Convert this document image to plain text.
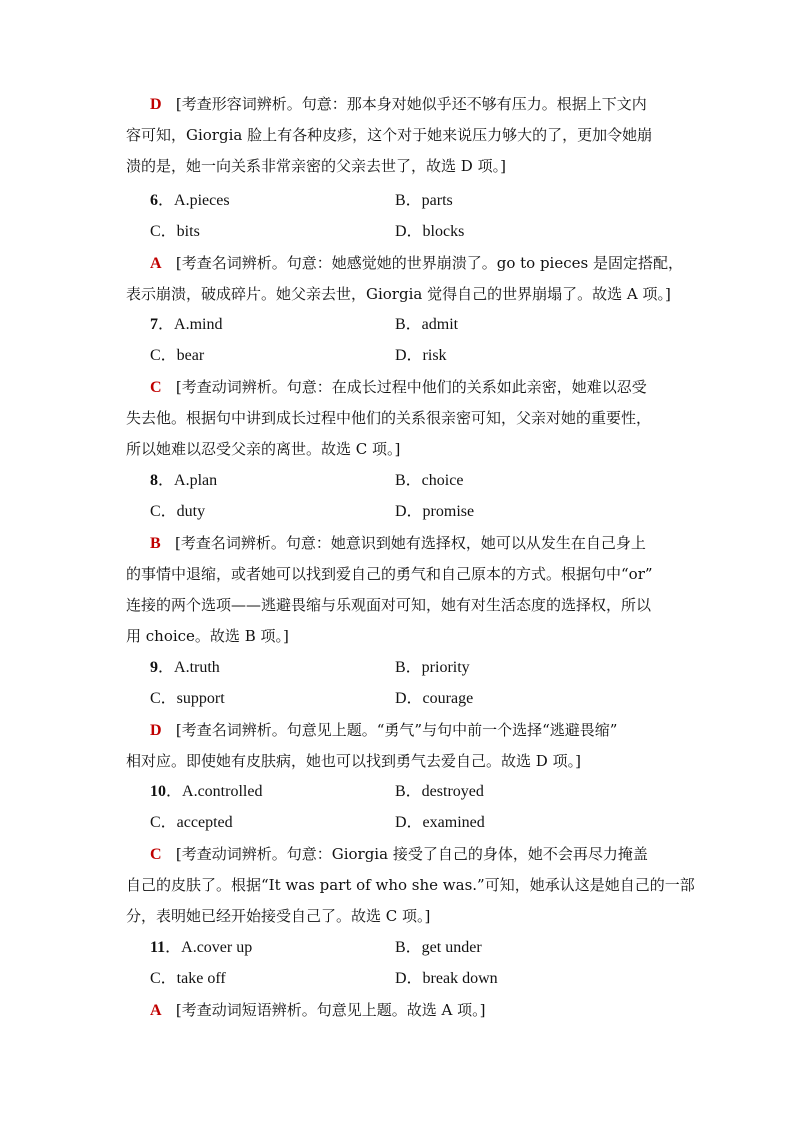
D [考查形容词辨析。句意：那本身对她似乎还不够有压力。根据上下文内
容可知，Giorgia 脸上有各种皮疹，这个对于她来说压力够大的了，更加令她崩
溃的是，她一向关系非常亲密的父亲去世了，故选 D 项。]
6．A.pieces	B．parts
C．bits	D．blocks
A [考查名词辨析。句意：她感觉她的世界崩溃了。go to pieces 是固定搭配，
表示崩溃，破成碎片。她父亲去世，Giorgia 觉得自己的世界崩塌了。故选 A 项。]
7．A.mind	B．admit
C．bear	D．risk
C [考查动词辨析。句意：在成长过程中他们的关系如此亲密，她难以忍受
失去他。根据句中讲到成长过程中他们的关系很亲密可知，父亲对她的重要性，
所以她难以忍受父亲的离世。故选 C 项。]
8．A.plan	B．choice
C．duty	D．promise
B [考查名词辨析。句意：她意识到她有选择权，她可以从发生在自己身上
的事情中退缩，或者她可以找到爱自己的勇气和自己原本的方式。根据句中“or”
连接的两个选项——逃避畏缩与乐观面对可知，她有对生活态度的选择权，所以
用 choice。故选 B 项。]
9．A.truth	B．priority
C．support	D．courage
D [考查名词辨析。句意见上题。“勇气”与句中前一个选择“逃避畏缩”
相对应。即使她有皮肤病，她也可以找到勇气去爱自己。故选 D 项。]
10．A.controlled	B．destroyed
C．accepted	D．examined
C [考查动词辨析。句意：Giorgia 接受了自己的身体，她不会再尽力掩盖
自己的皮肤了。根据“It was part of who she was.”可知，她承认这是她自己的一部
分，表明她已经开始接受自己了。故选 C 项。]
11．A.cover up	B．get under
C．take off	D．break down
A [考查动词短语辨析。句意见上题。故选 A 项。]
